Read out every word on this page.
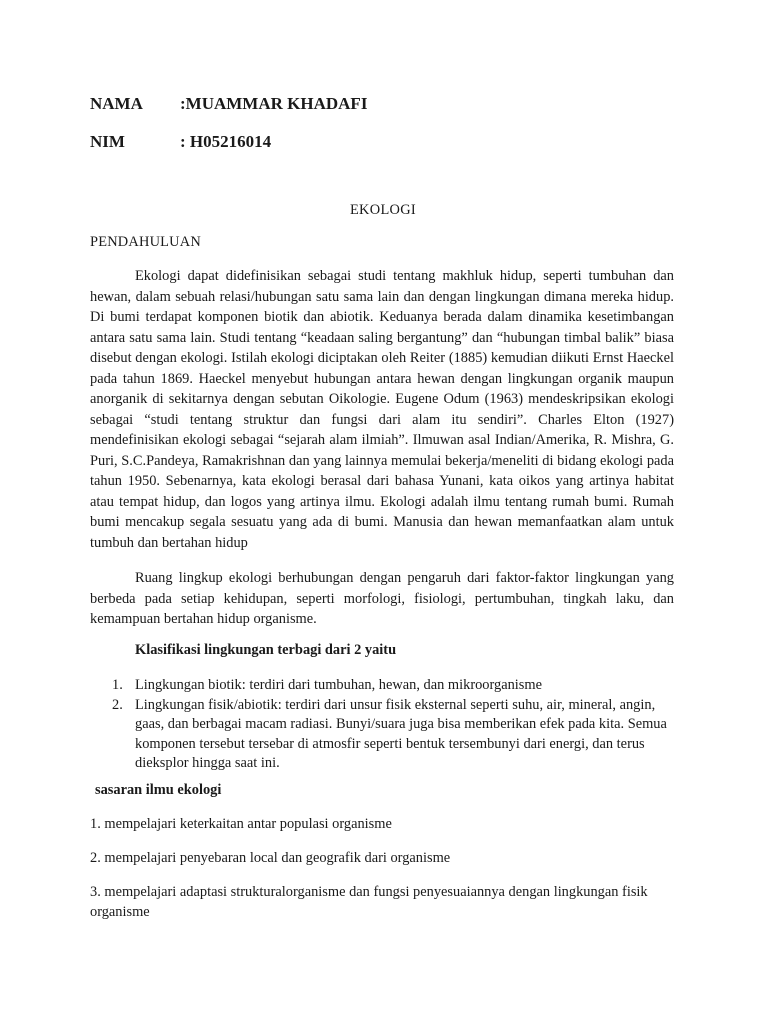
NAMA :MUAMMAR KHADAFI
NIM	: H05216014
EKOLOGI
PENDAHULUAN
Ekologi dapat didefinisikan sebagai studi tentang makhluk hidup, seperti tumbuhan dan hewan, dalam sebuah relasi/hubungan satu sama lain dan dengan lingkungan dimana mereka hidup. Di bumi terdapat komponen biotik dan abiotik. Keduanya berada dalam dinamika kesetimbangan antara satu sama lain. Studi tentang “keadaan saling bergantung” dan “hubungan timbal balik” biasa disebut dengan ekologi. Istilah ekologi diciptakan oleh Reiter (1885) kemudian diikuti Ernst Haeckel pada tahun 1869. Haeckel menyebut hubungan antara hewan dengan lingkungan organik maupun anorganik di sekitarnya dengan sebutan Oikologie. Eugene Odum (1963) mendeskripsikan ekologi sebagai “studi tentang struktur dan fungsi dari alam itu sendiri”. Charles Elton (1927) mendefinisikan ekologi sebagai “sejarah alam ilmiah”. Ilmuwan asal Indian/Amerika, R. Mishra, G. Puri, S.C.Pandeya, Ramakrishnan dan yang lainnya memulai bekerja/meneliti di bidang ekologi pada tahun 1950. Sebenarnya, kata ekologi berasal dari bahasa Yunani, kata oikos yang artinya habitat atau tempat hidup, dan logos yang artinya ilmu. Ekologi adalah ilmu tentang rumah bumi. Rumah bumi mencakup segala sesuatu yang ada di bumi. Manusia dan hewan memanfaatkan alam untuk tumbuh dan bertahan hidup
Ruang lingkup ekologi berhubungan dengan pengaruh dari faktor-faktor lingkungan yang berbeda pada setiap kehidupan, seperti morfologi, fisiologi, pertumbuhan, tingkah laku, dan kemampuan bertahan hidup organisme.
Klasifikasi lingkungan terbagi dari 2 yaitu
1. Lingkungan biotik: terdiri dari tumbuhan, hewan, dan mikroorganisme
2. Lingkungan fisik/abiotik: terdiri dari unsur fisik eksternal seperti suhu, air, mineral, angin, gaas, dan berbagai macam radiasi. Bunyi/suara juga bisa memberikan efek pada kita. Semua komponen tersebut tersebar di atmosfir seperti bentuk tersembunyi dari energi, dan terus dieksplor hingga saat ini.
sasaran ilmu ekologi
1. mempelajari keterkaitan antar populasi organisme
2. mempelajari penyebaran local dan geografik dari organisme
3. mempelajari adaptasi strukturalorganisme dan fungsi penyesuaiannya dengan lingkungan fisik organisme
